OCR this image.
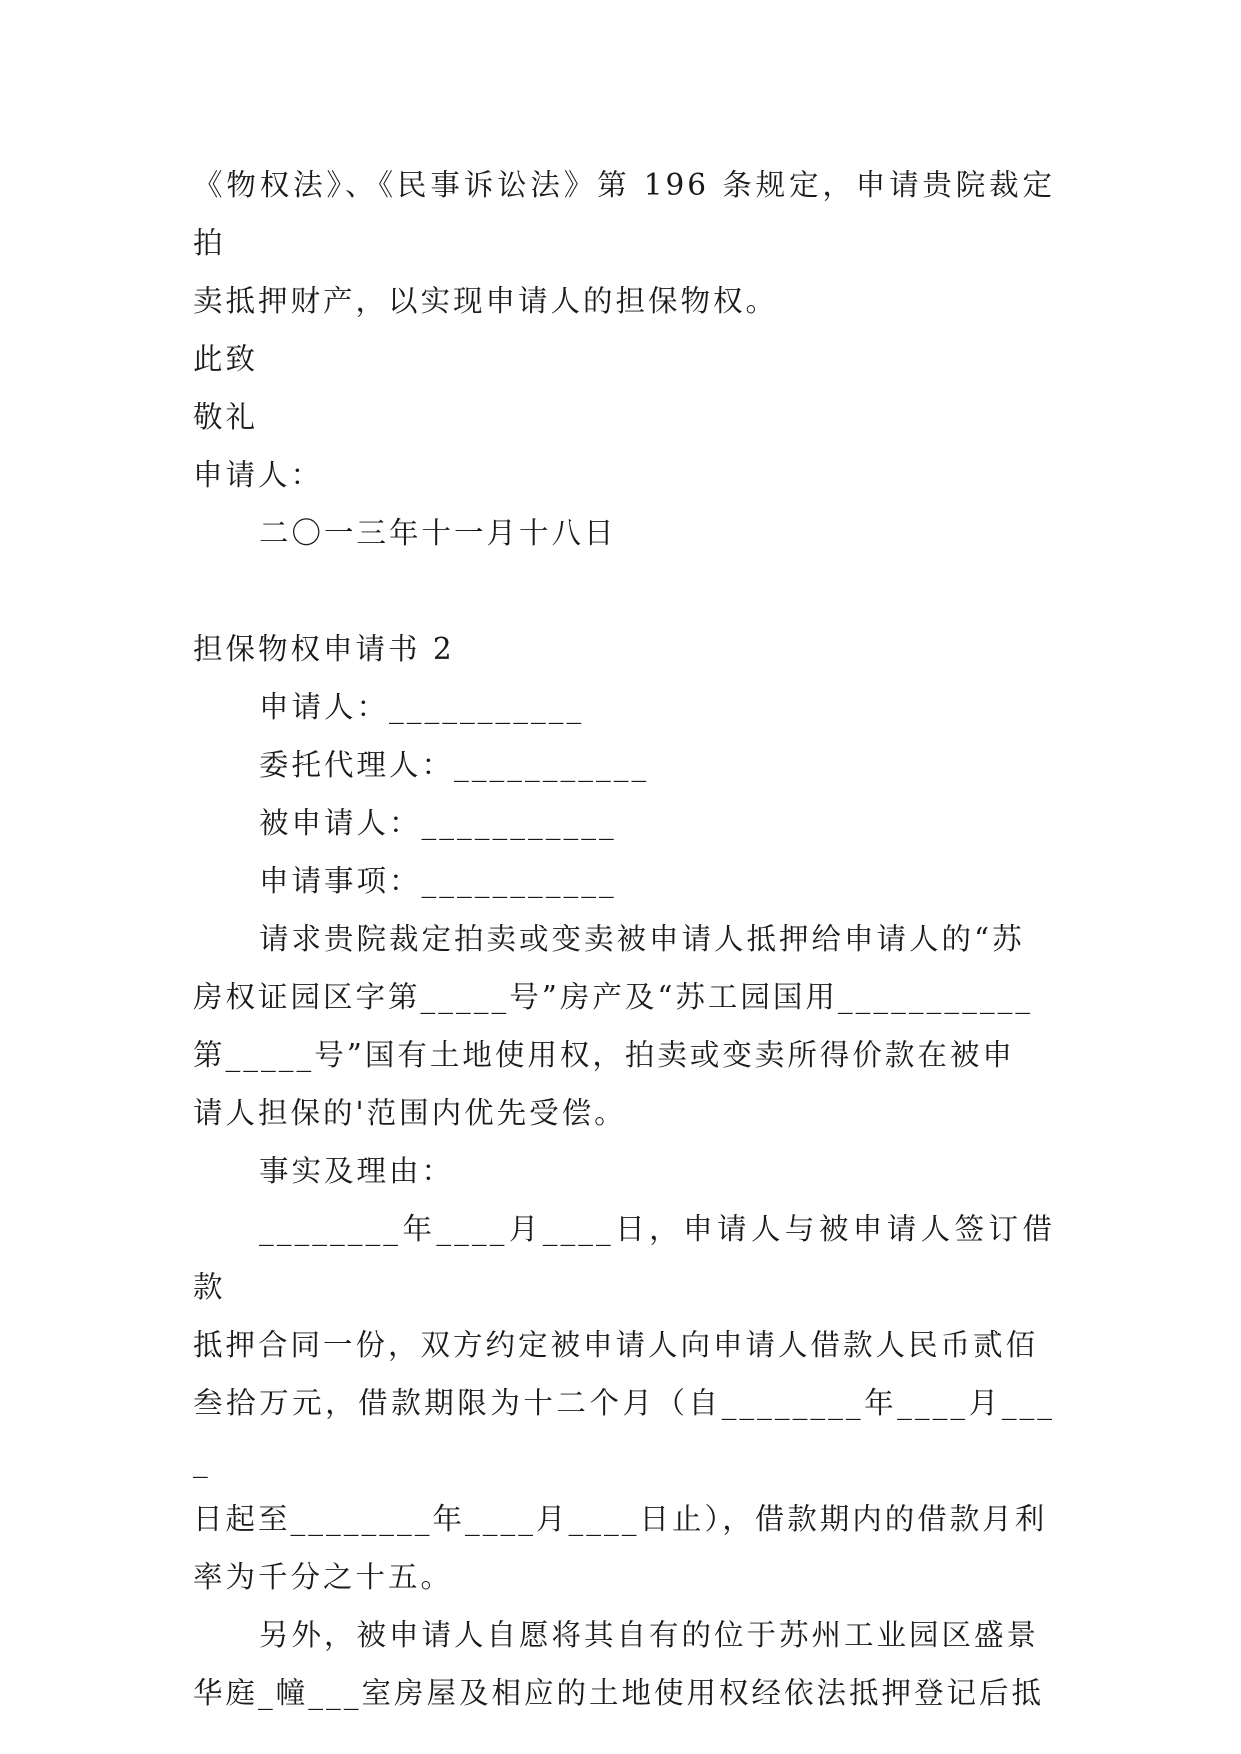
《物权法》、《民事诉讼法》第 196 条规定，申请贵院裁定拍
卖抵押财产，以实现申请人的担保物权。

此致

敬礼

申请人：

二〇一三年十一月十八日

担保物权申请书 2

申请人：___________

委托代理人：___________

被申请人：___________

申请事项：___________

请求贵院裁定拍卖或变卖被申请人抵押给申请人的“苏
房权证园区字第_____号”房产及“苏工园国用___________
第_____号”国有土地使用权，拍卖或变卖所得价款在被申
请人担保的'范围内优先受偿。

事实及理由：

________年____月____日，申请人与被申请人签订借款
抵押合同一份，双方约定被申请人向申请人借款人民币贰佰
叁拾万元，借款期限为十二个月（自________年____月____
日起至________年____月____日止），借款期内的借款月利
率为千分之十五。

另外，被申请人自愿将其自有的位于苏州工业园区盛景
华庭_幢___室房屋及相应的土地使用权经依法抵押登记后抵
